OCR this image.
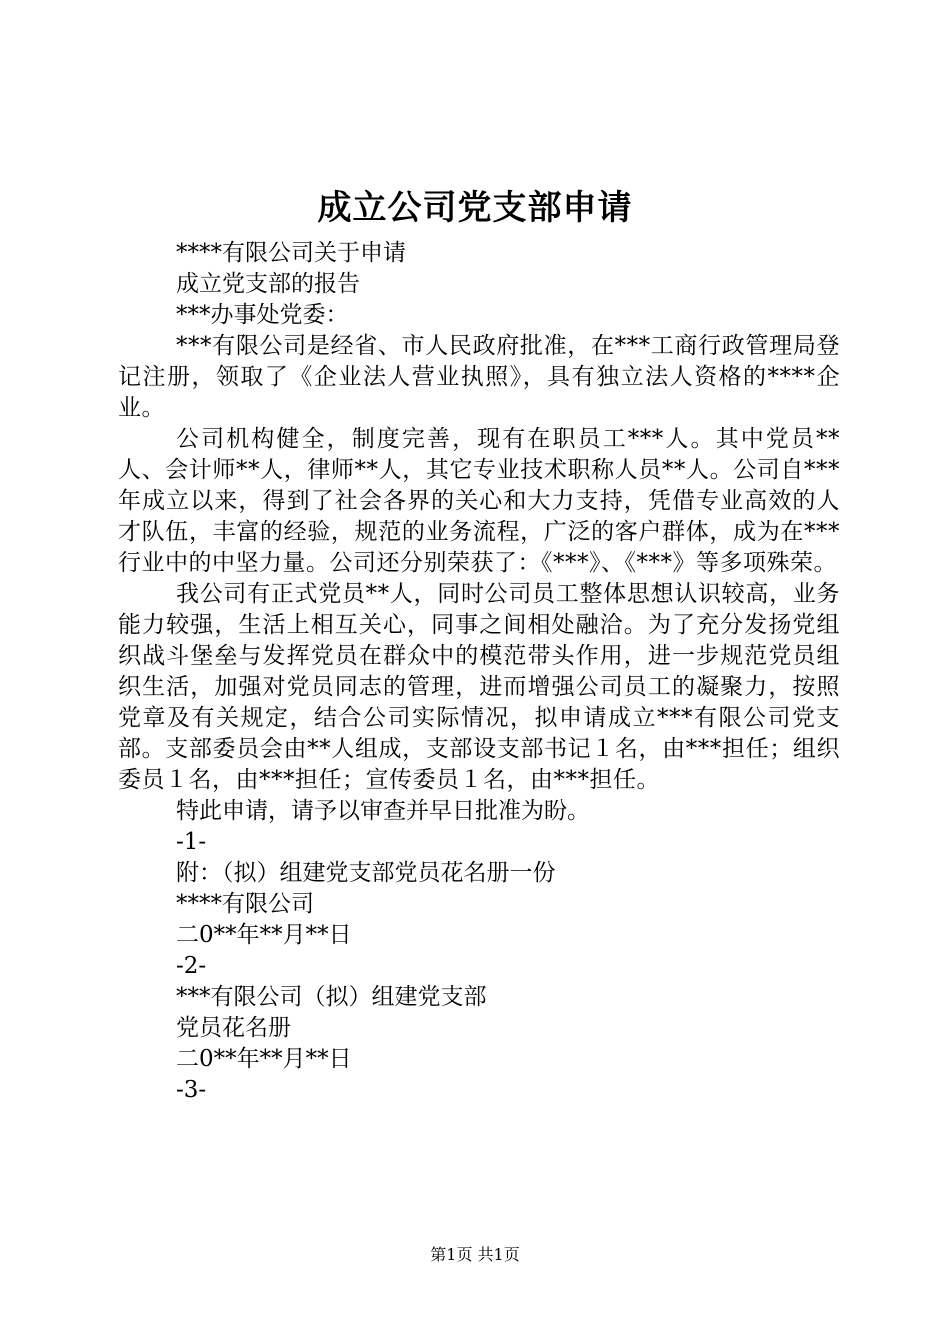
成立公司党支部申请

****有限公司关于申请

成立党支部的报告

***办事处党委：

***有限公司是经省、市人民政府批准，在***工商行政管理局登记注册，领取了《企业法人营业执照》，具有独立法人资格的****企业。

公司机构健全，制度完善，现有在职员工***人。其中党员**人、会计师**人，律师**人，其它专业技术职称人员**人。公司自***年成立以来，得到了社会各界的关心和大力支持，凭借专业高效的人才队伍，丰富的经验，规范的业务流程，广泛的客户群体，成为在***行业中的中坚力量。公司还分别荣获了：《***》、《***》等多项殊荣。

我公司有正式党员**人，同时公司员工整体思想认识较高，业务能力较强，生活上相互关心，同事之间相处融洽。为了充分发扬党组织战斗堡垒与发挥党员在群众中的模范带头作用，进一步规范党员组织生活，加强对党员同志的管理，进而增强公司员工的凝聚力，按照党章及有关规定，结合公司实际情况，拟申请成立***有限公司党支部。支部委员会由**人组成，支部设支部书记１名，由***担任；组织委员１名，由***担任；宣传委员１名，由***担任。

特此申请，请予以审查并早日批准为盼。

-1-

附：（拟）组建党支部党员花名册一份

****有限公司

二0**年**月**日

-2-

***有限公司（拟）组建党支部

党员花名册

二0**年**月**日

-3-

第1页 共1页
